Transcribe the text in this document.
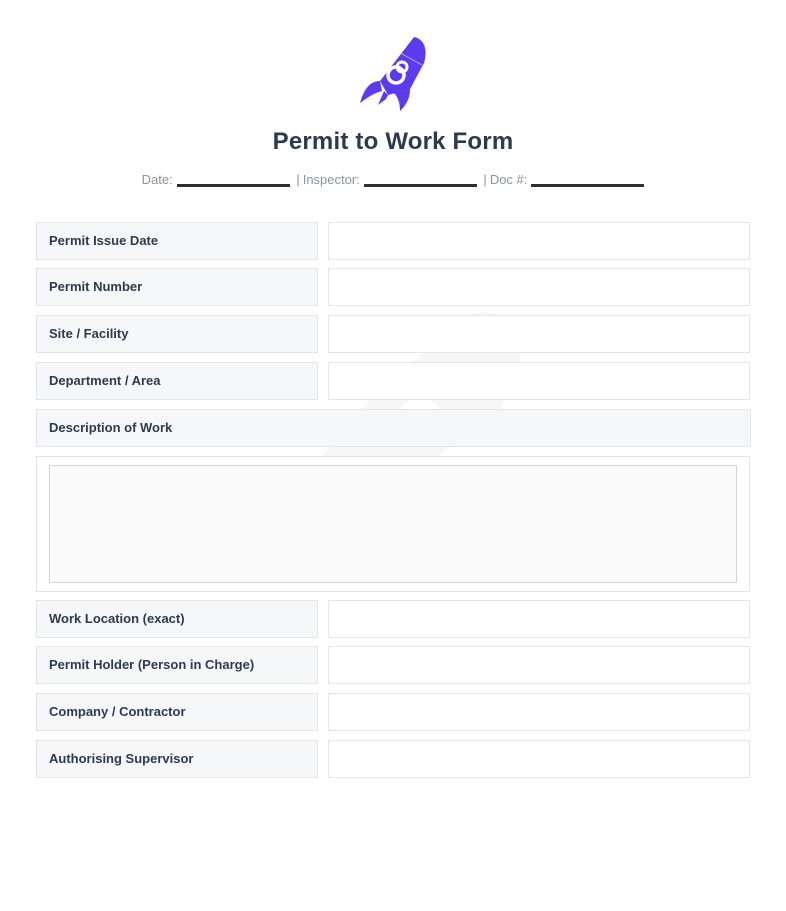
Permit to Work Form
Date:	| Inspector:	| Doc #:
Permit Issue Date
Permit Number
Site / Facility
Department / Area
Description of Work
Work Location (exact)
Permit Holder (Person in Charge)
Company / Contractor
Authorising Supervisor
